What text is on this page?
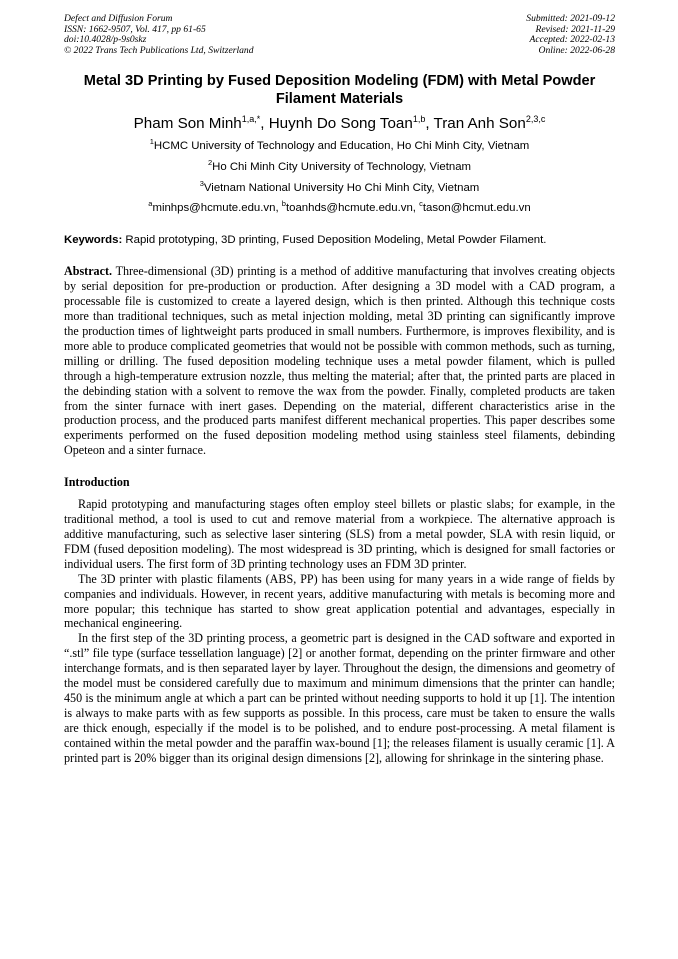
Defect and Diffusion Forum
ISSN: 1662-9507, Vol. 417, pp 61-65
doi:10.4028/p-9s0skz
© 2022 Trans Tech Publications Ltd, Switzerland
Submitted: 2021-09-12
Revised: 2021-11-29
Accepted: 2022-02-13
Online: 2022-06-28
Metal 3D Printing by Fused Deposition Modeling (FDM) with Metal Powder Filament Materials
Pham Son Minh$^{1,a,*}$, Huynh Do Song Toan$^{1,b}$, Tran Anh Son$^{2,3,c}$
$^1$HCMC University of Technology and Education, Ho Chi Minh City, Vietnam
$^2$Ho Chi Minh City University of Technology, Vietnam
$^3$Vietnam National University Ho Chi Minh City, Vietnam
$^a$minhps@hcmute.edu.vn, $^b$toanhds@hcmute.edu.vn, $^c$tason@hcmut.edu.vn
Keywords: Rapid prototyping, 3D printing, Fused Deposition Modeling, Metal Powder Filament.
Abstract. Three-dimensional (3D) printing is a method of additive manufacturing that involves creating objects by serial deposition for pre-production or production. After designing a 3D model with a CAD program, a processable file is customized to create a layered design, which is then printed. Although this technique costs more than traditional techniques, such as metal injection molding, metal 3D printing can significantly improve the production times of lightweight parts produced in small numbers. Furthermore, is improves flexibility, and is more able to produce complicated geometries that would not be possible with common methods, such as turning, milling or drilling. The fused deposition modeling technique uses a metal powder filament, which is pulled through a high-temperature extrusion nozzle, thus melting the material; after that, the printed parts are placed in the debinding station with a solvent to remove the wax from the powder. Finally, completed products are taken from the sinter furnace with inert gases. Depending on the material, different characteristics arise in the production process, and the produced parts manifest different mechanical properties. This paper describes some experiments performed on the fused deposition modeling method using stainless steel filaments, debinding Opeteon and a sinter furnace.
Introduction
Rapid prototyping and manufacturing stages often employ steel billets or plastic slabs; for example, in the traditional method, a tool is used to cut and remove material from a workpiece. The alternative approach is additive manufacturing, such as selective laser sintering (SLS) from a metal powder, SLA with resin liquid, or FDM (fused deposition modeling). The most widespread is 3D printing, which is designed for small factories or individual users. The first form of 3D printing technology uses an FDM 3D printer.
The 3D printer with plastic filaments (ABS, PP) has been using for many years in a wide range of fields by companies and individuals. However, in recent years, additive manufacturing with metals is becoming more and more popular; this technique has started to show great application potential and advantages, especially in mechanical engineering.
In the first step of the 3D printing process, a geometric part is designed in the CAD software and exported in “.stl” file type (surface tessellation language) [2] or another format, depending on the printer firmware and other interchange formats, and is then separated layer by layer. Throughout the design, the dimensions and geometry of the model must be considered carefully due to maximum and minimum dimensions that the printer can handle; 450 is the minimum angle at which a part can be printed without needing supports to hold it up [1]. The intention is always to make parts with as few supports as possible. In this process, care must be taken to ensure the walls are thick enough, especially if the model is to be polished, and to endure post-processing. A metal filament is contained within the metal powder and the paraffin wax-bound [1]; the releases filament is usually ceramic [1]. A printed part is 20% bigger than its original design dimensions [2], allowing for shrinkage in the sintering phase.
